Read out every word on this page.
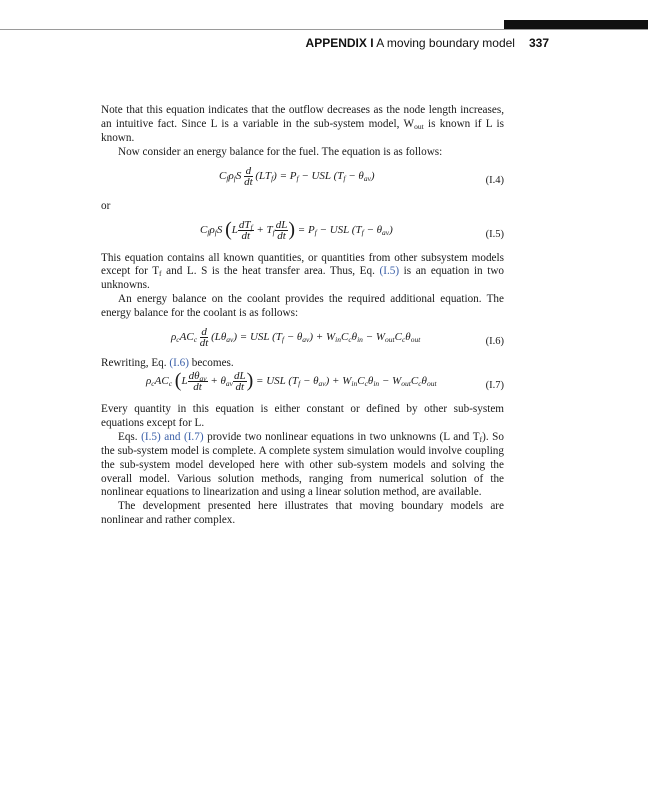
APPENDIX I A moving boundary model 337

Note that this equation indicates that the outflow decreases as the node length increases, an intuitive fact. Since L is a variable in the sub-system model, $W_{out}$ is known if L is known.

Now consider an energy balance for the fuel. The equation is as follows:

$C_f\rho_fS \frac{d}{dt} (LT_f) = P_f$ − USL $(T_f - \theta_{av})$	(I.4)

or

$C_f\rho_fS$ (L $dT_f$
dt + $T_f \frac{dL}{dt}$ ) = $P_f$ − USL $(T_f - \theta_{av})$	(I.5)

This equation contains all known quantities, or quantities from other subsystem models except for $T_f$ and L. S is the heat transfer area. Thus, Eq. (I.5) is an equation in two unknowns.

An energy balance on the coolant provides the required additional equation. The energy balance for the coolant is as follows:

$\rho_cAC_c \frac{d}{dt} (L\theta_{av})$ = USL $(T_f - \theta_{av}) + W_{in}C_c\theta_{in} - W_{out}C_c\theta_{out}$	(I.6)

Rewriting, Eq. (I.6) becomes.

$\rho_cAC_c$ (L $d\theta_{av}$
dt + $\theta_{av} \frac{dL}{dt}$ ) = USL $(T_f - \theta_{av}) + W_{in}C_c\theta_{in} - W_{out}C_c\theta_{out}$	(I.7)

Every quantity in this equation is either constant or defined by other sub-system equations except for L.

Eqs. (I.5) and (I.7) provide two nonlinear equations in two unknowns (L and $T_f$). So the sub-system model is complete. A complete system simulation would involve coupling the sub-system model developed here with other sub-system models and solving the overall model. Various solution methods, ranging from numerical solution of the nonlinear equations to linearization and using a linear solution method, are available.

The development presented here illustrates that moving boundary models are nonlinear and rather complex.
